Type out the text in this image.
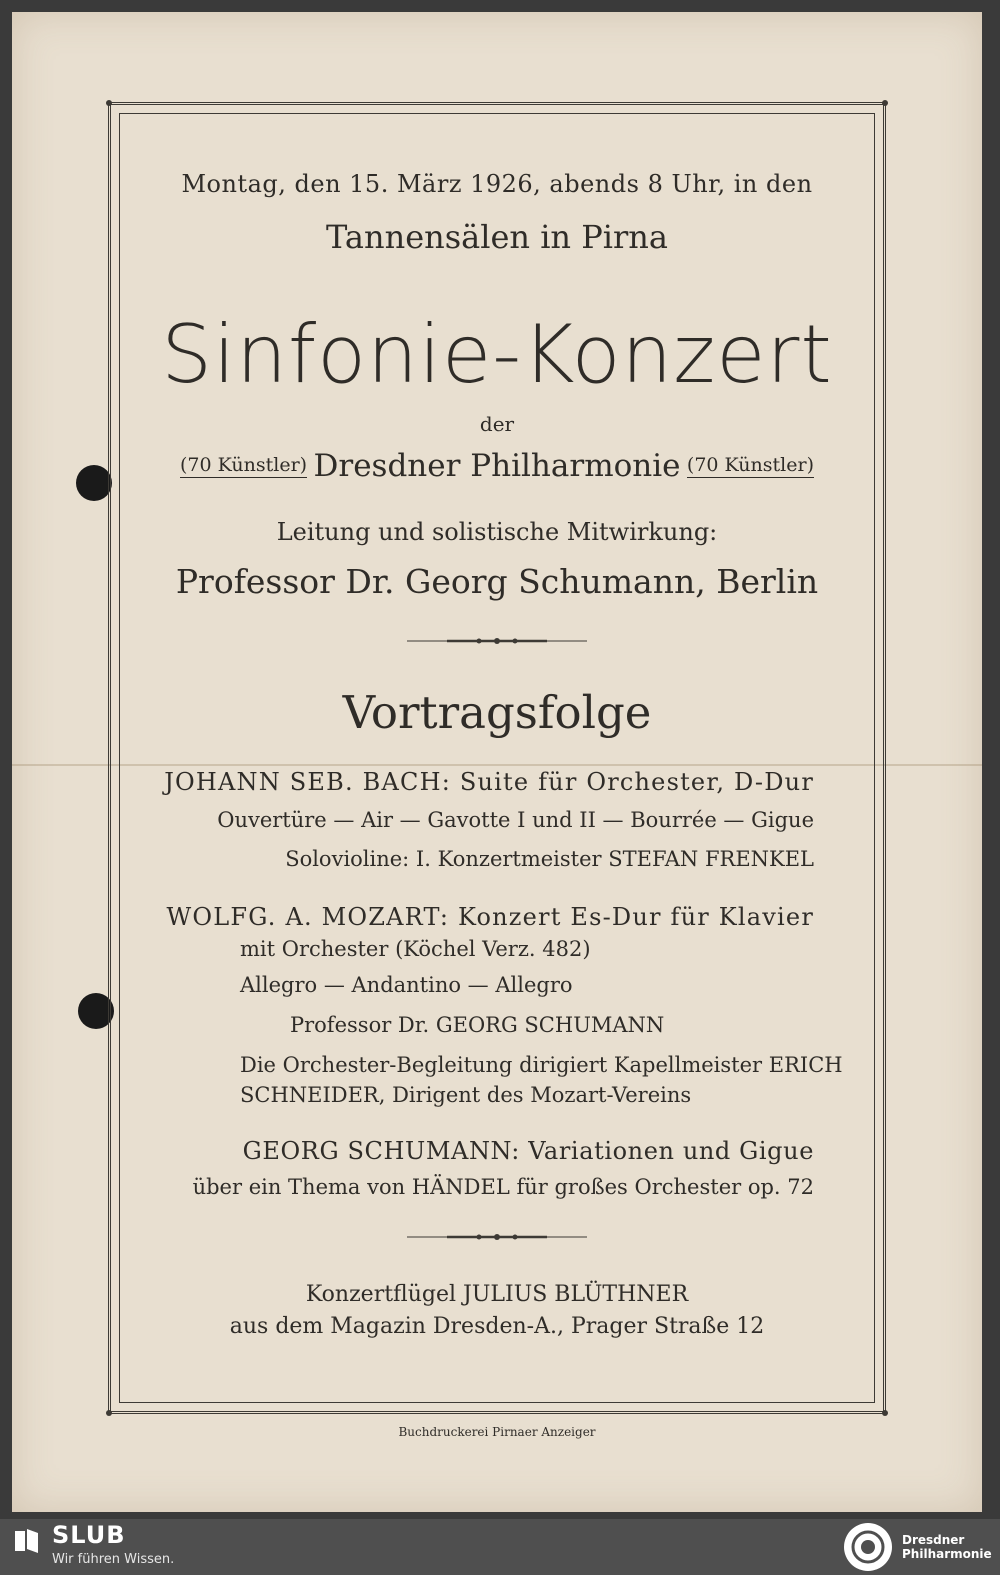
Montag, den 15. März 1926, abends 8 Uhr, in den
Tannensälen in Pirna
Sinfonie-Konzert
der
(70 Künstler) Dresdner Philharmonie (70 Künstler)
Leitung und solistische Mitwirkung:
Professor Dr. Georg Schumann, Berlin
Vortragsfolge
JOHANN SEB. BACH: Suite für Orchester, D-Dur
Ouvertüre — Air — Gavotte I und II — Bourrée — Gigue
Solovioline: I. Konzertmeister STEFAN FRENKEL
WOLFG. A. MOZART: Konzert Es-Dur für Klavier
mit Orchester (Köchel Verz. 482)
Allegro — Andantino — Allegro
Professor Dr. GEORG SCHUMANN
Die Orchester-Begleitung dirigiert Kapellmeister ERICH
SCHNEIDER, Dirigent des Mozart-Vereins
GEORG SCHUMANN: Variationen und Gigue
über ein Thema von HÄNDEL für großes Orchester op. 72
Konzertflügel JULIUS BLÜTHNER
aus dem Magazin Dresden-A., Prager Straße 12
Buchdruckerei Pirnaer Anzeiger
SLUB
Wir führen Wissen.
Dresdner
Philharmonie
